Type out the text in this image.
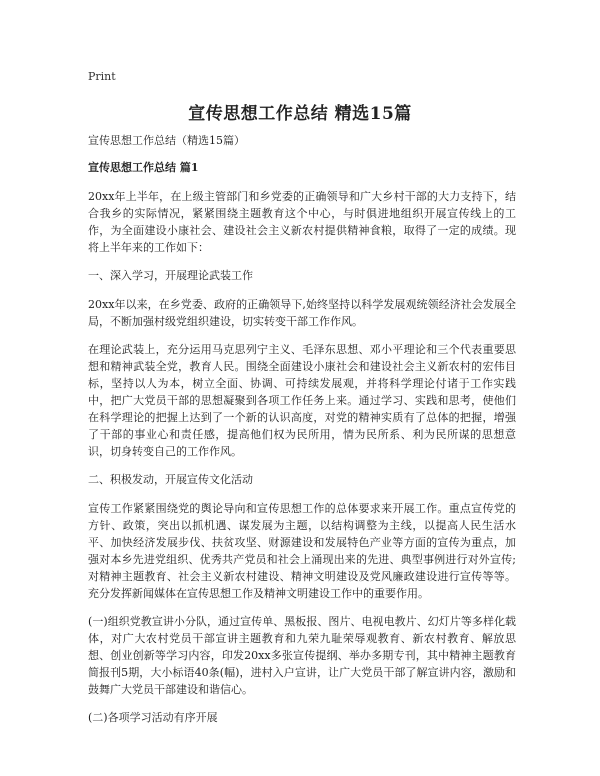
Print
宣传思想工作总结 精选15篇
宣传思想工作总结（精选15篇）
宣传思想工作总结 篇1
20xx年上半年，在上级主管部门和乡党委的正确领导和广大乡村干部的大力支持下，结合我乡的实际情况，紧紧围绕主题教育这个中心，与时俱进地组织开展宣传线上的工作，为全面建设小康社会、建设社会主义新农村提供精神食粮，取得了一定的成绩。现将上半年来的工作如下：
一、深入学习，开展理论武装工作
20xx年以来，在乡党委、政府的正确领导下,始终坚持以科学发展观统领经济社会发展全局，不断加强村级党组织建设，切实转变干部工作作风。
在理论武装上，充分运用马克思列宁主义、毛泽东思想、邓小平理论和三个代表重要思想和精神武装全党，教育人民。围绕全面建设小康社会和建设社会主义新农村的宏伟目标，坚持以人为本，树立全面、协调、可持续发展观，并将科学理论付诸于工作实践中，把广大党员干部的思想凝聚到各项工作任务上来。通过学习、实践和思考，使他们在科学理论的把握上达到了一个新的认识高度，对党的精神实质有了总体的把握，增强了干部的事业心和责任感，提高他们权为民所用，情为民所系、利为民所谋的思想意识，切身转变自己的工作作风。
二、积极发动，开展宣传文化活动
宣传工作紧紧围绕党的舆论导向和宣传思想工作的总体要求来开展工作。重点宣传党的方针、政策，突出以抓机遇、谋发展为主题，以结构调整为主线，以提高人民生活水平、加快经济发展步伐、扶贫攻坚、财源建设和发展特色产业等方面的宣传为重点，加强对本乡先进党组织、优秀共产党员和社会上涌现出来的先进、典型事例进行对外宣传;对精神主题教育、社会主义新农村建设、精神文明建设及党风廉政建设进行宣传等等。充分发挥新闻媒体在宣传思想工作及精神文明建设工作中的重要作用。
(一)组织党教宣讲小分队，通过宣传单、黑板报、图片、电视电教片、幻灯片等多样化载体，对广大农村党员干部宣讲主题教育和九荣九耻荣辱观教育、新农村教育、解放思想、创业创新等学习内容，印发20xx多张宣传提纲、举办多期专刊，其中精神主题教育简报刊5期，大小标语40条(幅)，进村入户宣讲，让广大党员干部了解宣讲内容，激励和鼓舞广大党员干部建设和谐信心。
(二)各项学习活动有序开展
